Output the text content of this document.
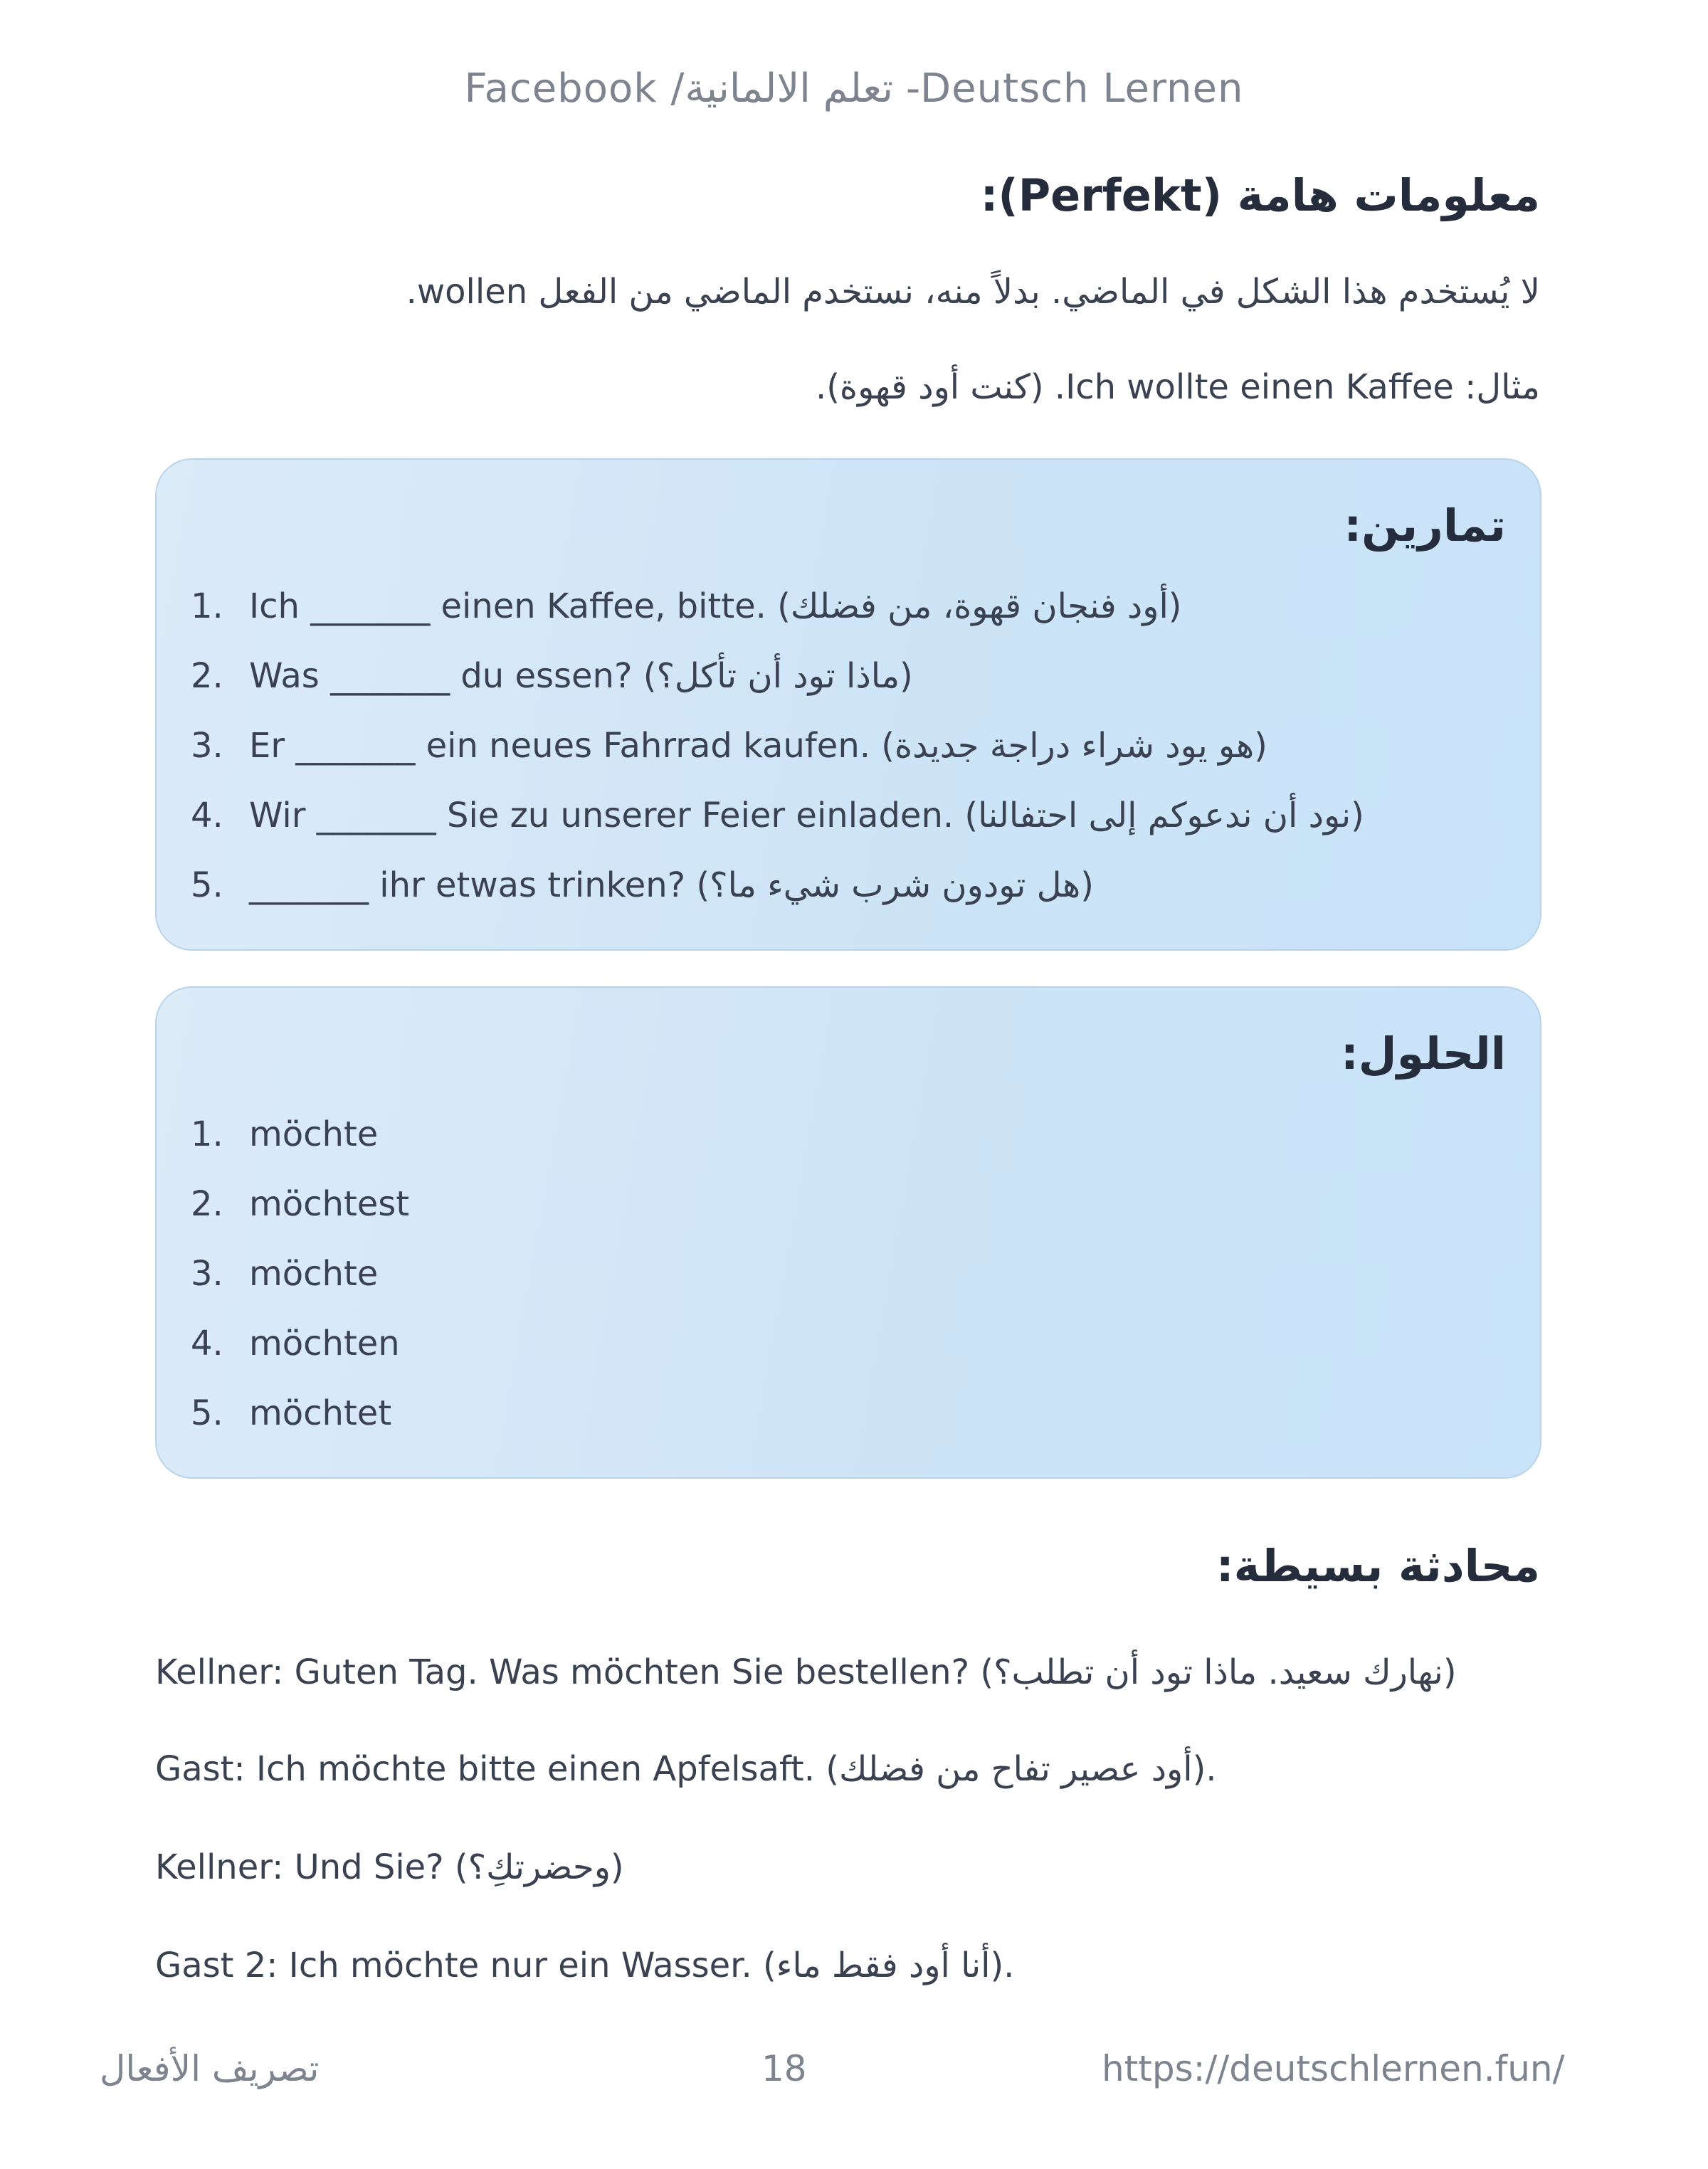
Facebook /تعلم الالمانية -Deutsch Lernen
معلومات هامة (Perfekt):
لا يُستخدم هذا الشكل في الماضي. بدلاً منه، نستخدم الماضي من الفعل wollen.
مثال: Ich wollte einen Kaffee. (كنت أود قهوة).
تمارين:
1. Ich _______ einen Kaffee, bitte. (أود فنجان قهوة، من فضلك)
2. Was _______ du essen? (ماذا تود أن تأكل؟)
3. Er _______ ein neues Fahrrad kaufen. (هو يود شراء دراجة جديدة)
4. Wir _______ Sie zu unserer Feier einladen. (نود أن ندعوكم إلى احتفالنا)
5. _______ ihr etwas trinken? (هل تودون شرب شيء ما؟)
الحلول:
1. möchte
2. möchtest
3. möchte
4. möchten
5. möchtet
محادثة بسيطة:
Kellner: Guten Tag. Was möchten Sie bestellen? (نهارك سعيد. ماذا تود أن تطلب؟)
Gast: Ich möchte bitte einen Apfelsaft. (أود عصير تفاح من فضلك).
Kellner: Und Sie? (وحضرتكِ؟)
Gast 2: Ich möchte nur ein Wasser. (أنا أود فقط ماء).
تصريف الأفعال	18	https://deutschlernen.fun/
